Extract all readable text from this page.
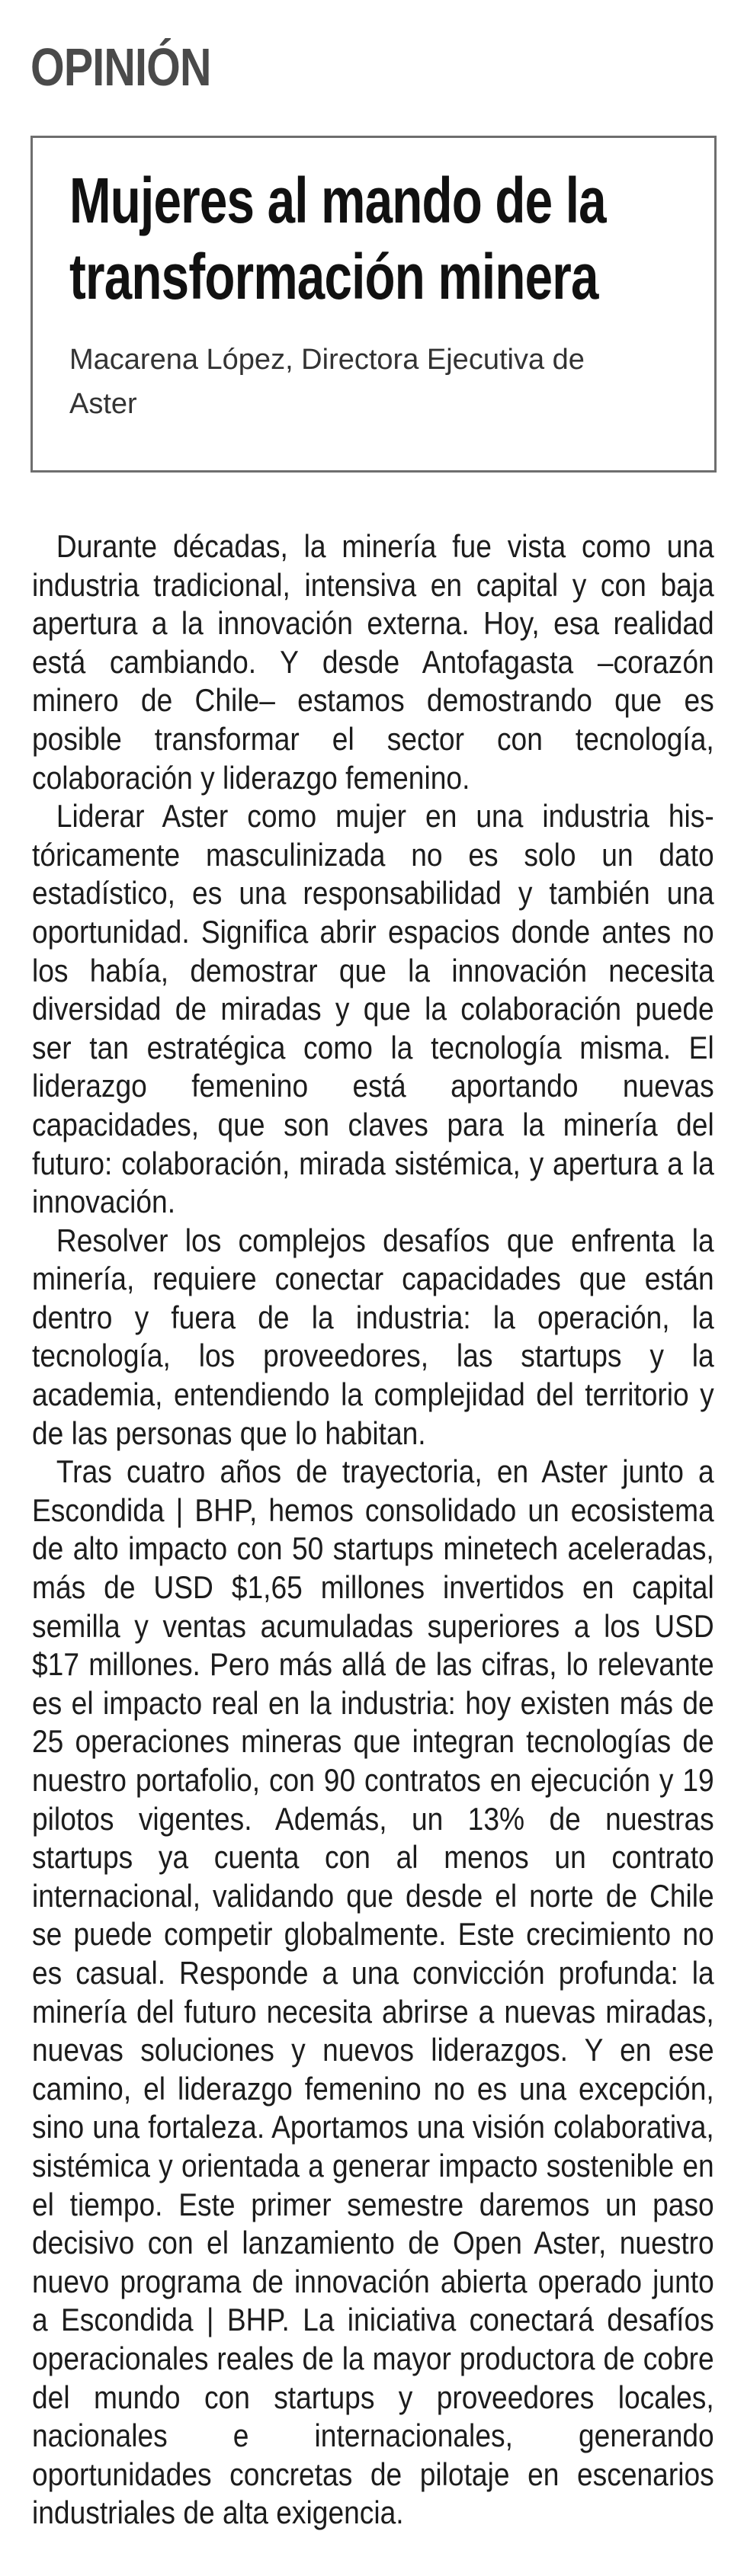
OPINIÓN
Mujeres al mando de la transformación minera

Macarena López, Directora Ejecutiva de Aster

Durante décadas, la minería fue vista como una industria tradicional, intensiva en capital y con baja apertura a la innovación externa. Hoy, esa realidad está cambiando. Y desde Antofagasta –corazón minero de Chile– estamos demostrando que es posible transformar el sector con tecnología, colaboración y liderazgo femenino.

Liderar Aster como mujer en una industria históricamente masculinizada no es solo un dato estadístico, es una responsabilidad y también una oportunidad. Significa abrir espacios donde antes no los había, demostrar que la innovación necesita diversidad de miradas y que la colaboración puede ser tan estratégica como la tecnología misma. El liderazgo femenino está aportando nuevas capacidades, que son claves para la minería del futuro: colaboración, mirada sistémica, y apertura a la innovación.

Resolver los complejos desafíos que enfrenta la minería, requiere conectar capacidades que están dentro y fuera de la industria: la operación, la tecnología, los proveedores, las startups y la academia, entendiendo la complejidad del territorio y de las personas que lo habitan.

Tras cuatro años de trayectoria, en Aster junto a Escondida | BHP, hemos consolidado un ecosistema de alto impacto con 50 startups minetech aceleradas, más de USD $1,65 millones invertidos en capital semilla y ventas acumuladas superiores a los USD $17 millones. Pero más allá de las cifras, lo relevante es el impacto real en la industria: hoy existen más de 25 operaciones mineras que integran tecnologías de nuestro portafolio, con 90 contratos en ejecución y 19 pilotos vigentes. Además, un 13% de nuestras startups ya cuenta con al menos un contrato internacional, validando que desde el norte de Chile se puede competir globalmente. Este crecimiento no es casual. Responde a una convicción profunda: la minería del futuro necesita abrirse a nuevas miradas, nuevas soluciones y nuevos liderazgos. Y en ese camino, el liderazgo femenino no es una excepción, sino una fortaleza. Aportamos una visión colaborativa, sistémica y orientada a generar impacto sostenible en el tiempo. Este primer semestre daremos un paso decisivo con el lanzamiento de Open Aster, nuestro nuevo programa de innovación abierta operado junto a Escondida | BHP. La iniciativa conectará desafíos operacionales reales de la mayor productora de cobre del mundo con startups y proveedores locales, nacionales e internacionales, generando oportunidades concretas de pilotaje en escenarios industriales de alta exigencia.
